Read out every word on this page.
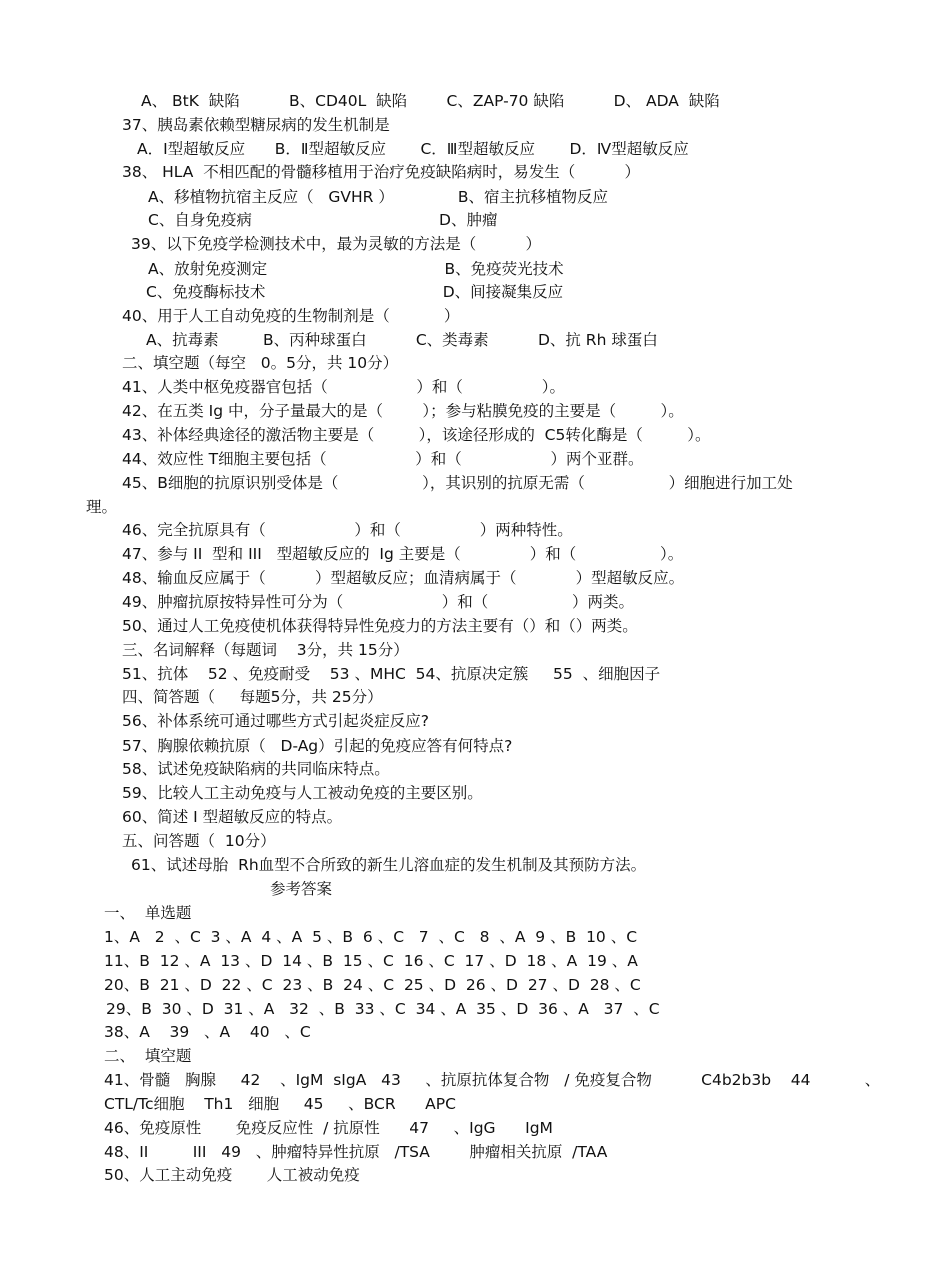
A、 BtK  缺陷          B、CD40L  缺陷        C、ZAP-70 缺陷          D、 ADA  缺陷
37、胰岛素依赖型糖尿病的发生机制是
A．Ⅰ型超敏反应      B．Ⅱ型超敏反应       C．Ⅲ型超敏反应       D．Ⅳ型超敏反应
38、 HLA  不相匹配的骨髓移植用于治疗免疫缺陷病时，易发生（          ）
A、移植物抗宿主反应（   GVHR ）             B、宿主抗移植物反应
C、自身免疫病                                      D、肿瘤
39、以下免疫学检测技术中，最为灵敏的方法是（          ）
A、放射免疫测定                                    B、免疫荧光技术
C、免疫酶标技术                                    D、间接凝集反应
40、用于人工自动免疫的生物制剂是（           ）
A、抗毒素         B、丙种球蛋白          C、类毒素          D、抗 Rh 球蛋白
二、填空题（每空   0。5分，共 10分）
41、人类中枢免疫器官包括（                  ）和（                ）。
42、在五类 Ig 中，分子量最大的是（        ）；参与粘膜免疫的主要是（         ）。
43、补体经典途径的激活物主要是（         ），该途径形成的  C5转化酶是（         ）。
44、效应性 T细胞主要包括（                  ）和（                  ）两个亚群。
45、B细胞的抗原识别受体是（                 ），其识别的抗原无需（                 ）细胞进行加工处
理。
46、完全抗原具有（                  ）和（                ）两种特性。
47、参与 II  型和 III   型超敏反应的  Ig 主要是（              ）和（                 ）。
48、输血反应属于（          ）型超敏反应；血清病属于（            ）型超敏反应。
49、肿瘤抗原按特异性可分为（                    ）和（                 ）两类。
50、通过人工免疫使机体获得特异性免疫力的方法主要有（）和（）两类。
三、名词解释（每题词    3分，共 15分）
51、抗体    52 、免疫耐受    53 、MHC  54、抗原决定簇     55  、细胞因子
四、简答题（     每题5分，共 25分）
56、补体系统可通过哪些方式引起炎症反应?
57、胸腺依赖抗原（   D-Ag）引起的免疫应答有何特点?
58、试述免疫缺陷病的共同临床特点。
59、比较人工主动免疫与人工被动免疫的主要区别。
60、简述 I 型超敏反应的特点。
五、问答题（  10分）
61、试述母胎  Rh血型不合所致的新生儿溶血症的发生机制及其预防方法。
参考答案
一、  单选题
1、A   2  、C  3 、A  4 、A  5 、B  6 、C   7  、C   8  、A  9 、B  10 、C
11、B  12 、A  13 、D  14 、B  15 、C  16 、C  17 、D  18 、A  19 、A
20、B  21 、D  22 、C  23 、B  24 、C  25 、D  26 、D  27 、D  28 、C
29、B  30 、D  31 、A   32  、B  33 、C  34 、A  35 、D  36 、A   37  、C
38、A    39   、A    40   、C
二、  填空题
41、骨髓   胸腺     42    、IgM  sIgA   43     、抗原抗体复合物   / 免疫复合物          C4b2b3b    44           、
CTL/Tc细胞    Th1   细胞     45     、BCR      APC
46、免疫原性       免疫反应性  / 抗原性      47     、IgG      IgM
48、II         III   49   、肿瘤特异性抗原   /TSA        肿瘤相关抗原  /TAA
50、人工主动免疫       人工被动免疫
